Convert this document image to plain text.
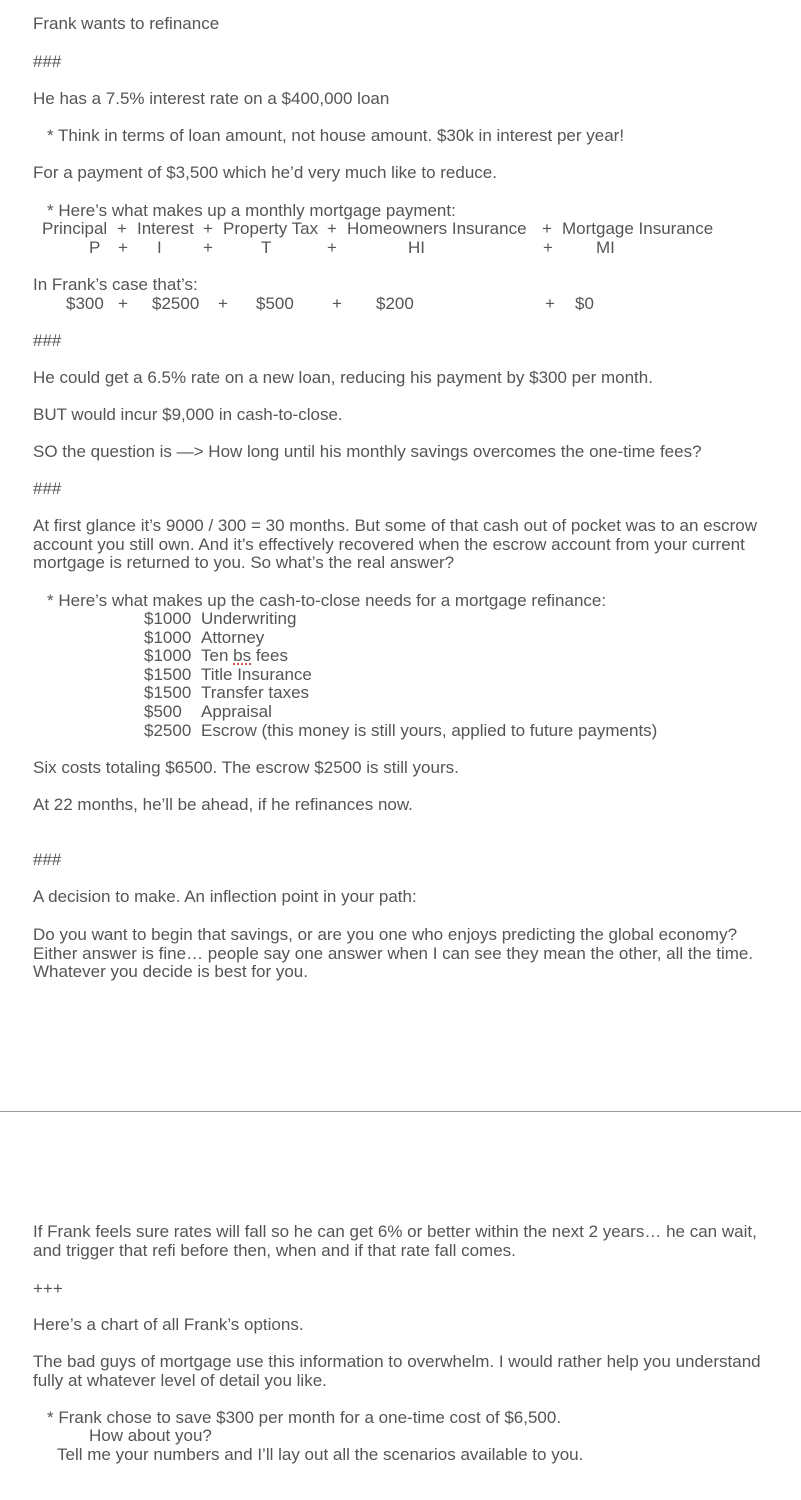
Frank wants to refinance
###
He has a 7.5% interest rate on a $400,000 loan
* Think in terms of loan amount, not house amount. $30k in interest per year!
For a payment of $3,500 which he’d very much like to reduce.
* Here’s what makes up a monthly mortgage payment:
Principal + Interest + Property Tax + Homeowners Insurance + Mortgage Insurance
P + I +	T	+	HI	+	MI
In Frank’s case that’s:
$300 + $2500 + $500 + $200	+ $0
###
He could get a 6.5% rate on a new loan, reducing his payment by $300 per month.
BUT would incur $9,000 in cash-to-close.
SO the question is —> How long until his monthly savings overcomes the one-time fees?
###
At first glance it’s 9000 / 300 = 30 months. But some of that cash out of pocket was to an escrow account you still own. And it’s effectively recovered when the escrow account from your current mortgage is returned to you. So what’s the real answer?
* Here’s what makes up the cash-to-close needs for a mortgage refinance:
$1000 Underwriting
$1000 Attorney
$1000 Ten bs fees
$1500 Title Insurance
$1500 Transfer taxes
$500 Appraisal
$2500 Escrow (this money is still yours, applied to future payments)
Six costs totaling $6500. The escrow $2500 is still yours.
At 22 months, he’ll be ahead, if he refinances now.
###
A decision to make. An inflection point in your path:
Do you want to begin that savings, or are you one who enjoys predicting the global economy? Either answer is fine… people say one answer when I can see they mean the other, all the time. Whatever you decide is best for you.
If Frank feels sure rates will fall so he can get 6% or better within the next 2 years… he can wait, and trigger that refi before then, when and if that rate fall comes.
+++
Here’s a chart of all Frank’s options.
The bad guys of mortgage use this information to overwhelm. I would rather help you understand fully at whatever level of detail you like.
* Frank chose to save $300 per month for a one-time cost of $6,500.
How about you?
Tell me your numbers and I’ll lay out all the scenarios available to you.
